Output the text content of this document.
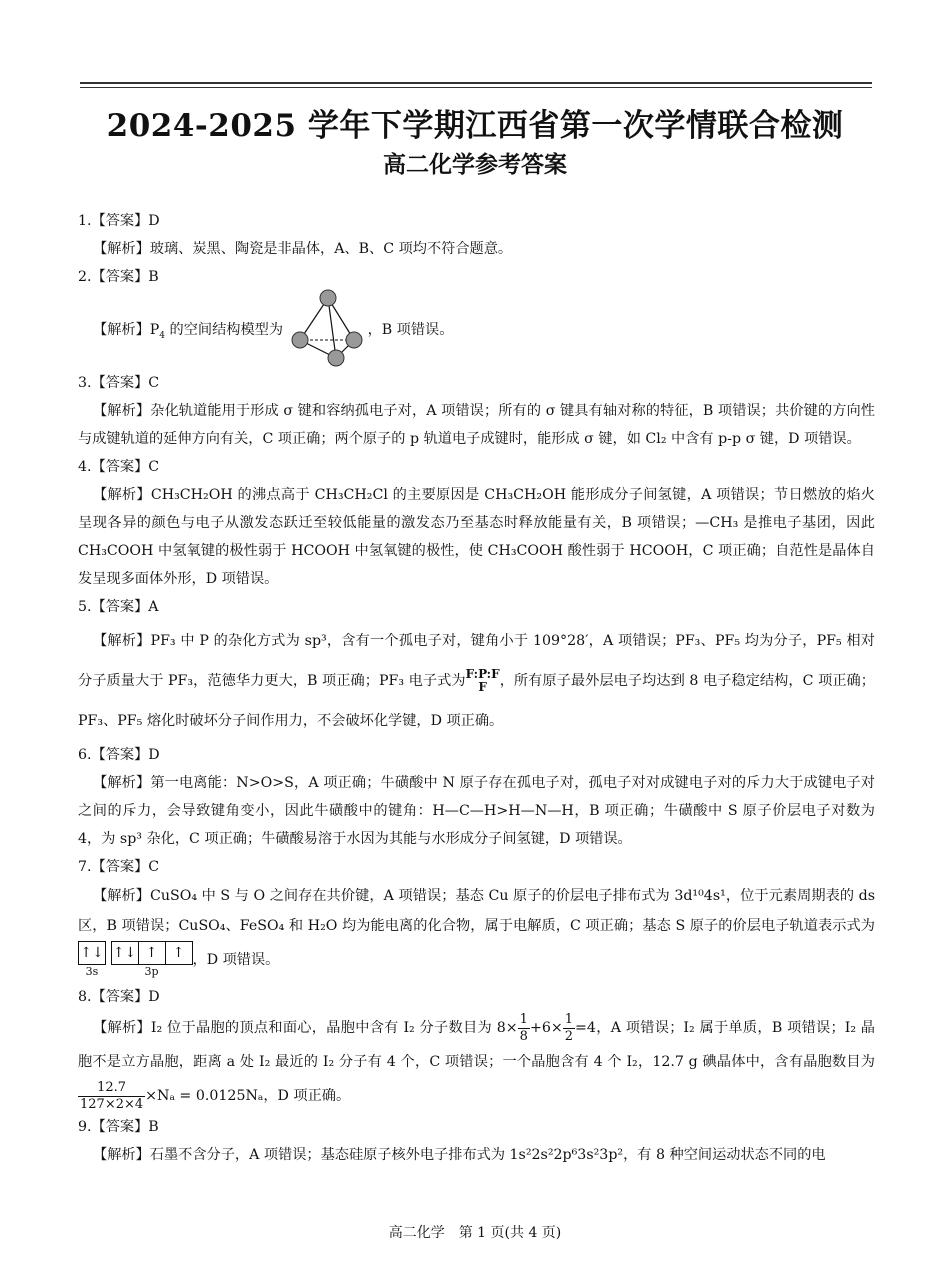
2024-2025 学年下学期江西省第一次学情联合检测
高二化学参考答案
1.【答案】D
【解析】玻璃、炭黑、陶瓷是非晶体，A、B、C 项均不符合题意。
2.【答案】B
【解析】$P_4$ 的空间结构模型为	，B 项错误。
3.【答案】C
【解析】杂化轨道能用于形成 σ 键和容纳孤电子对，A 项错误；所有的 σ 键具有轴对称的特征，B 项错误；共价键的方向性与成键轨道的延伸方向有关，C 项正确；两个原子的 p 轨道电子成键时，能形成 σ 键，如 Cl₂ 中含有 p-p σ 键，D 项错误。
4.【答案】C
【解析】CH₃CH₂OH 的沸点高于 CH₃CH₂Cl 的主要原因是 CH₃CH₂OH 能形成分子间氢键，A 项错误；节日燃放的焰火呈现各异的颜色与电子从激发态跃迁至较低能量的激发态乃至基态时释放能量有关，B 项错误；—CH₃ 是推电子基团，因此 CH₃COOH 中氢氧键的极性弱于 HCOOH 中氢氧键的极性，使 CH₃COOH 酸性弱于 HCOOH，C 项正确；自范性是晶体自发呈现多面体外形，D 项错误。
5.【答案】A
【解析】PF₃ 中 P 的杂化方式为 sp³，含有一个孤电子对，键角小于 109°28′，A 项错误；PF₃、PF₅ 均为分子，PF₅ 相对分子质量大于 PF₃，范德华力更大，B 项正确；PF₃ 电子式为 F:P:F
F ，所有原子最外层电子均达到 8 电子稳定结构，C 项正确；PF₃、PF₅ 熔化时破坏分子间作用力，不会破坏化学键，D 项正确。
6.【答案】D
【解析】第一电离能：N>O>S，A 项正确；牛磺酸中 N 原子存在孤电子对，孤电子对对成键电子对的斥力大于成键电子对之间的斥力，会导致键角变小，因此牛磺酸中的键角：H—C—H>H—N—H，B 项正确；牛磺酸中 S 原子价层电子对数为 4，为 sp³ 杂化，C 项正确；牛磺酸易溶于水因为其能与水形成分子间氢键，D 项错误。
7.【答案】C
【解析】CuSO₄ 中 S 与 O 之间存在共价键，A 项错误；基态 Cu 原子的价层电子排布式为 3d¹⁰4s¹，位于元素周期表的 ds 区，B 项错误；CuSO₄、FeSO₄ 和 H₂O 均为能电离的化合物，属于电解质，C 项正确；基态 S 原子的价层电子轨道表示式为
↑↓
3s
↑↓ ↑	↑
3p，D 项错误。
8.【答案】D
【解析】I₂ 位于晶胞的顶点和面心，晶胞中含有 I₂ 分子数目为 $8\times \frac{1}{8} +6\times \frac{1}{2} =4$，A 项错误；I₂ 属于单质，B 项错误；I₂ 晶胞不是立方晶胞，距离 a 处 I₂ 最近的 I₂ 分子有 4 个，C 项错误；一个晶胞含有 4 个 I₂，12.7 g 碘晶体中，含有晶胞数目为
$\frac{12.7}{127\times 2\times 4} \times N_a = 0.0125N_a$，D 项正确。
9.【答案】B
【解析】石墨不含分子，A 项错误；基态硅原子核外电子排布式为 1s²2s²2p⁶3s²3p²，有 8 种空间运动状态不同的电
高二化学　第 1 页(共 4 页)
